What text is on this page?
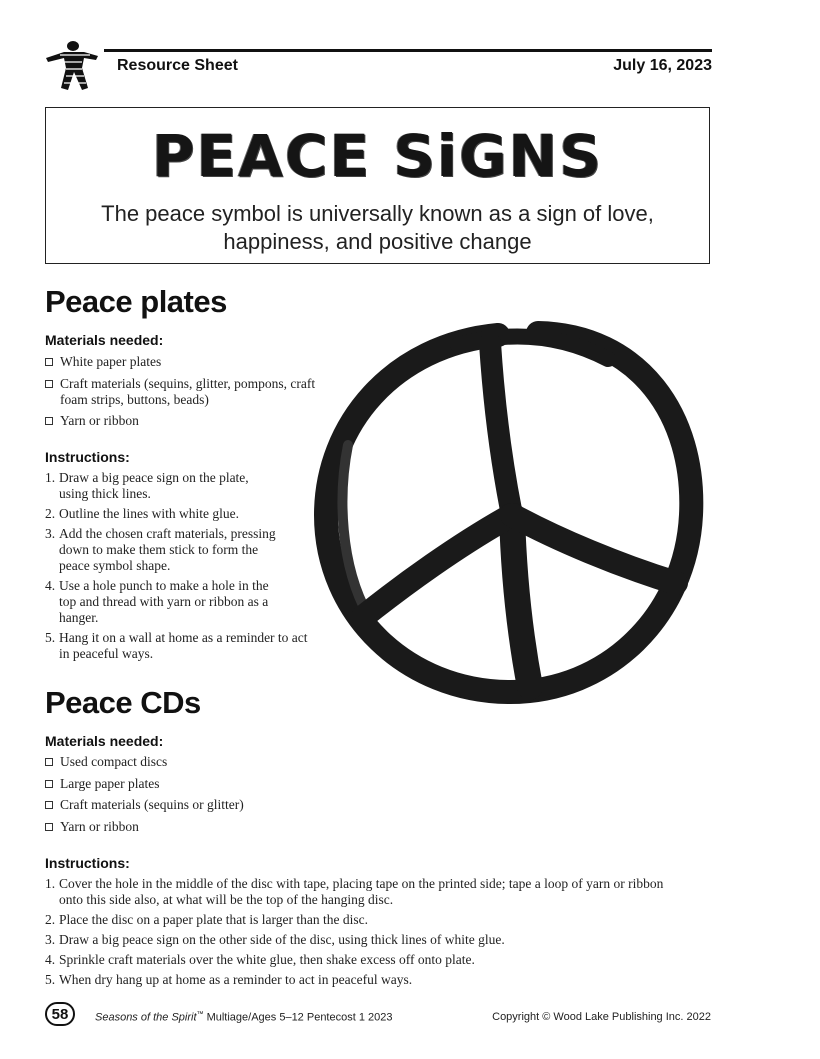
Resource Sheet	July 16, 2023
PEACE SiGNS
The peace symbol is universally known as a sign of love,
happiness, and positive change
Peace plates
Materials needed:
White paper plates
Craft materials (sequins, glitter, pompons, craft
foam strips, buttons, beads)
Yarn or ribbon
Instructions:
1. Draw a big peace sign on the plate,
using thick lines.
2. Outline the lines with white glue.
3. Add the chosen craft materials, pressing
down to make them stick to form the
peace symbol shape.
4. Use a hole punch to make a hole in the
top and thread with yarn or ribbon as a
hanger.
5. Hang it on a wall at home as a reminder to act
in peaceful ways.
Peace CDs
Materials needed:
Used compact discs
Large paper plates
Craft materials (sequins or glitter)
Yarn or ribbon
Instructions:
1. Cover the hole in the middle of the disc with tape, placing tape on the printed side; tape a loop of yarn or ribbon
onto this side also, at what will be the top of the hanging disc.
2. Place the disc on a paper plate that is larger than the disc.
3. Draw a big peace sign on the other side of the disc, using thick lines of white glue.
4. Sprinkle craft materials over the white glue, then shake excess off onto plate.
5. When dry hang up at home as a reminder to act in peaceful ways.
58	Seasons of the Spirit™ Multiage/Ages 5–12 Pentecost 1 2023	Copyright © Wood Lake Publishing Inc. 2022
